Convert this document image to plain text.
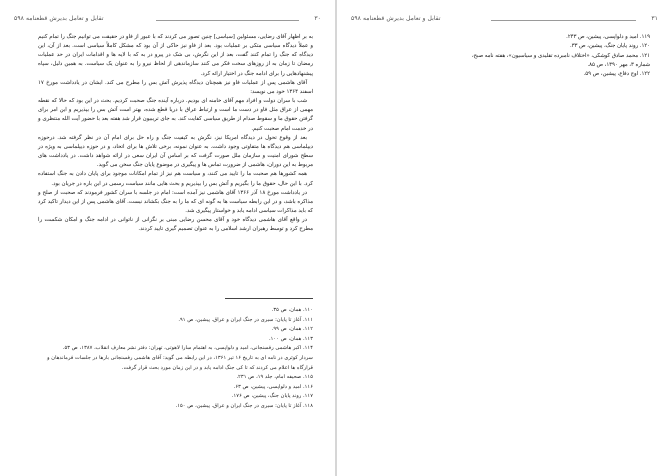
۳۰
تقابل و تعامل بدیرش قطعنامه ۵۹۸

به بر اظهار آقای رضایی، مسئولین [سیاسی] چنین تصور می کردند که با عبور از فاو در حقیقت می توانیم جنگ را تمام کنیم و عملاً دیدگاه سیاسی متکی بر عملیات بود. بعد از فاو نیز حاکی از آن بود که مشکل کاملاً سیاسی است. بعد از آن، این دیدگاه که جنگ را تمام کنند گفت، بعد از این نگرش، بی شک در پیرو در به که با لایه ها و اقدامات ایران در حد عملیات رمضان تا زمان به از روزهای سخت فکر می کنند سازماندهی از لحاظ نیرو را به عنوان یک سیاست. به همین دلیل، سپاه پیشنهادهایی را برای ادامه جنگ در اختیار ارائه کرد.

آقای هاشمی پس از عملیات فاو نیز همچنان دیدگاه پذیرش آتش بس را مطرح می کند. ایشان در یادداشت مورخ ۱۷ اسفند ۱۳۶۴ خود می نویسد:

شب با سران دولت و افراد مهم آقای خامنه ای بودیم. درباره آینده جنگ صحبت کردیم. بحث در این بود که حالا که نقطه مهمی از عراق مثل فاو در دست ما است و ارتباط عراق با دریا قطع شده، بهتر است آتش بس را بپذیریم و این امر برای گرفتن حقوق ما و سقوط صدام از طریق سیاسی کفایت کند. به جای تریبیون قرار شد هفته بعد با حضور آیت الله منتظری و در خدمت امام صحبت کنیم.

بعد از وقوع تحول در دیدگاه امریکا نیز، نگرش به کیفیت جنگ و راه حل برای امام آن در نظر گرفته شد. درحوزه دیپلماسی هم دیدگاه ها متفاوتی وجود داشت. به عنوان نمونه، برخی تلاش ها برای اتحاد، و در حوزه دیپلماسی به ویژه در سطح شورای امنیت و سازمان ملل صورت گرفت که بر اساس آن ایران سعی در ارائه شواهد داشت. در یادداشت های مربوط به این دوران، هاشمی از ضرورت تماس ها و پیگیری در موضوع پایان جنگ سخن می گوید.

همه کشورها هم صحبت ما را تایید می کنند، و سیاست هم نیز از تمام امکانات موجود برای پایان دادن به جنگ استفاده کرد. با این حال، حقوق ما را بگیریم و آتش بس را بپذیریم و بحث هایی مانند سیاست رسمی در این باره در جریان بود.

در یادداشت مورخ ۱۸ آذر ۱۳۶۶ آقای هاشمی نیز آمده است: امام در جلسه با سران کشور فرمودند که صحبت از صلح و مذاکره باشد، و در این رابطه سیاست ها به گونه ای که ما را به جنگ بکشاند نیست. آقای هاشمی پس از این دیدار تاکید کرد که باید مذاکرات سیاسی ادامه یابد و خواستار پیگیری شد.

در واقع آقای هاشمی دیدگاه خود و آقای محسن رضایی مبنی بر نگرانی از ناتوانی در ادامه جنگ و امکان شکست را مطرح کرد و توسط رهبران ارشد اسلامی را به عنوان تصمیم گیری تایید کردند.

۱۱۰. همان، ص ۳۵.
۱۱۱. آغاز تا پایان: سیری در جنگ ایران و عراق. پیشین، ص ۹۱.
۱۱۲. همان، ص ۹۹.
۱۱۳. همان، ص ۱۰۰.
۱۱۴. اکبر هاشمی رفسنجانی، امید و دلواپسی، به اهتمام سارا لاهوتی، تهران: دفتر نشر معارف انقلاب، ۱۳۸۷، ص ۵۳.
سردار کوثری در نامه ای به تاریخ ۱۶ تیر ۱۳۶۱، در این رابطه می گوید: آقای هاشمی رفسنجانی بارها در جلسات فرماندهان و قرارگاه ها اعلام می کردند که تا کی جنگ ادامه یابد و در این زمان مورد بحث قرار گرفت.
۱۱۵. صحیفه امام، جلد ۱۹، ص ۲۳۱.
۱۱۶. امید و دلواپسی، پیشین، ص ۶۳.
۱۱۷. روند پایان جنگ، پیشین، ص ۱۷۶.
۱۱۸. آغاز تا پایان: سیری در جنگ ایران و عراق. پیشین، ص ۱۵۰.
۳۱
تقابل و تعامل بدیرش قطعنامه ۵۹۸
۱۱۹. امید و دلواپسی، پیشین، ص ۲۴۳.
۱۲۰. روند پایان جنگ، پیشین، ص ۳۳.
۱۲۱. محمد صادق کوشکی، «اختلاف نامبرده تقلیدی و سیاسیون»، هفته نامه صبح، شماره ۳، مهر ۱۳۹۰، ص ۸۵.
۱۲۲. اوج دفاع، پیشین، ص ۵۹.
